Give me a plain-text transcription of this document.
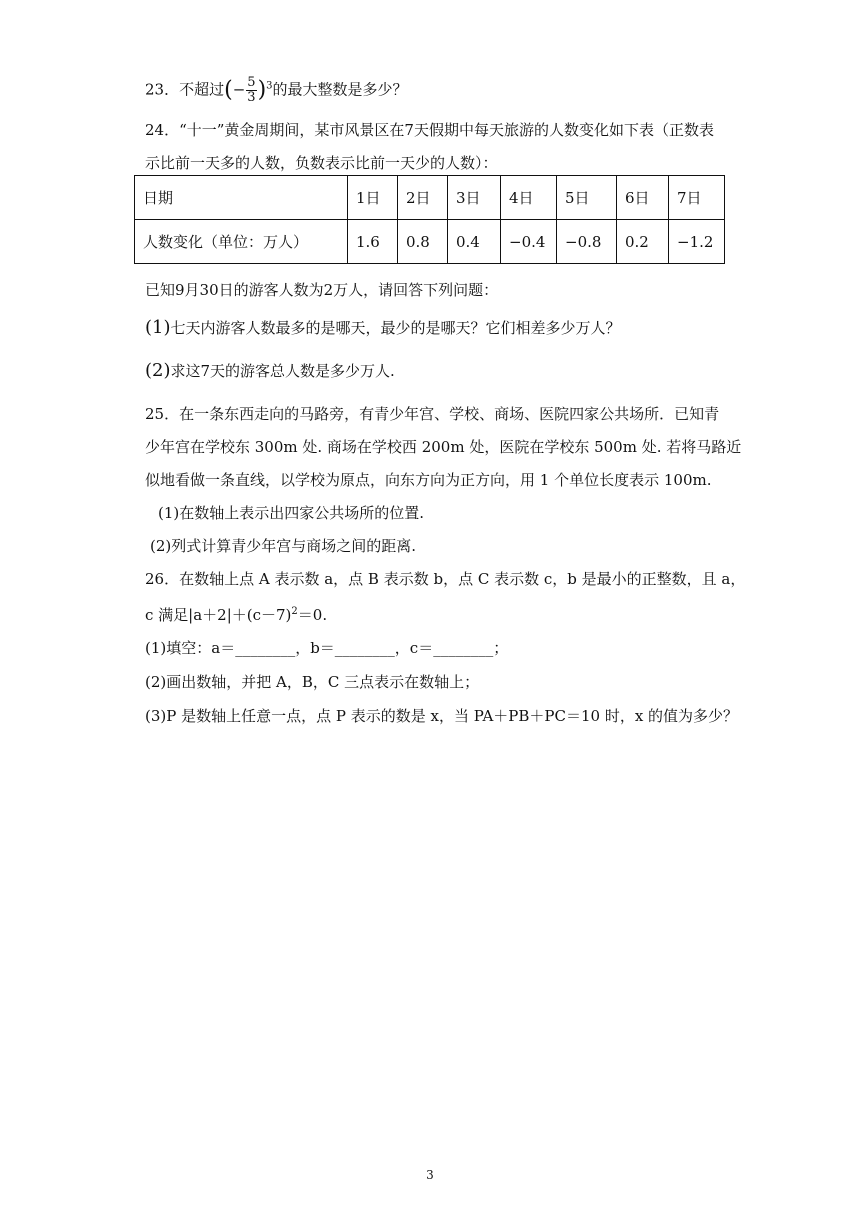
23．不超过(− $\frac{5}{3} )^3$的最大整数是多少？
24．“十一”黄金周期间，某市风景区在7天假期中每天旅游的人数变化如下表（正数表
示比前一天多的人数，负数表示比前一天少的人数）：
日期	1日	2日	3日	4日	5日	6日	7日
人数变化（单位：万人）	1.6	0.8	0.4	−0.4	−0.8	0.2	−1.2
已知9月30日的游客人数为2万人，请回答下列问题：
(1)七天内游客人数最多的是哪天，最少的是哪天？它们相差多少万人？
(2)求这7天的游客总人数是多少万人.
25．在一条东西走向的马路旁，有青少年宫、学校、商场、医院四家公共场所．已知青
少年宫在学校东 300m 处. 商场在学校西 200m 处，医院在学校东 500m 处. 若将马路近
似地看做一条直线，以学校为原点，向东方向为正方向，用 1 个单位长度表示 100m.
(1)在数轴上表示出四家公共场所的位置.
(2)列式计算青少年宫与商场之间的距离.
26．在数轴上点 A 表示数 a，点 B 表示数 b，点 C 表示数 c，b 是最小的正整数，且 a，
c 满足$|a+2|+(c-7)^2=0$.
(1)填空：a＝________，b＝________，c＝________；
(2)画出数轴，并把 A，B，C 三点表示在数轴上；
(3)P 是数轴上任意一点，点 P 表示的数是 x，当 PA＋PB＋PC＝10 时，x 的值为多少？
3
